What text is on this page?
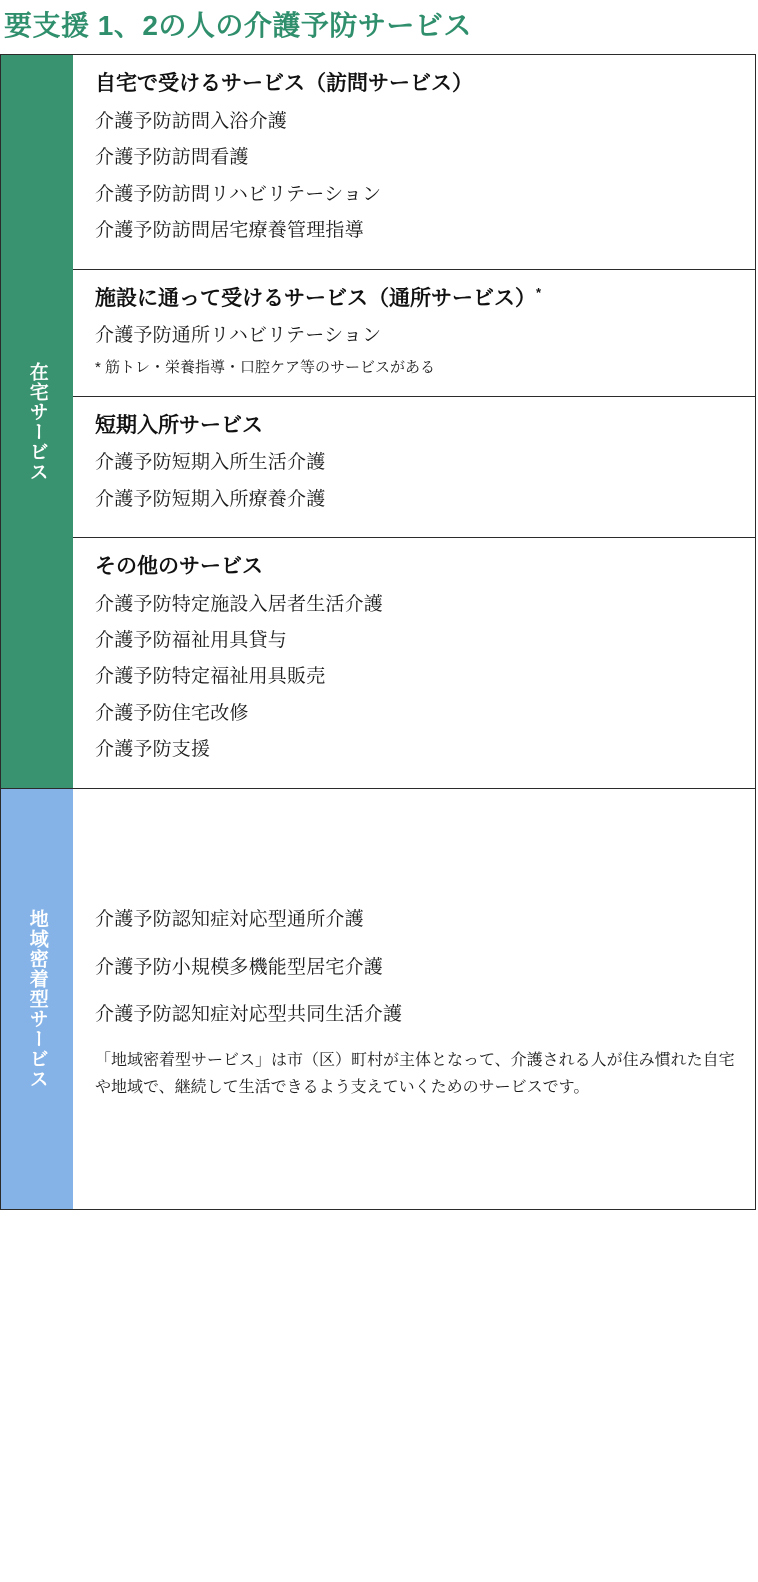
要支援 1、2の人の介護予防サービス
在宅サービス
自宅で受けるサービス（訪問サービス）
介護予防訪問入浴介護
介護予防訪問看護
介護予防訪問リハビリテーション
介護予防訪問居宅療養管理指導
施設に通って受けるサービス（通所サービス）*
介護予防通所リハビリテーション
* 筋トレ・栄養指導・口腔ケア等のサービスがある
短期入所サービス
介護予防短期入所生活介護
介護予防短期入所療養介護
その他のサービス
介護予防特定施設入居者生活介護
介護予防福祉用具貸与
介護予防特定福祉用具販売
介護予防住宅改修
介護予防支援
地域密着型サービス 介護予防認知症対応型通所介護
介護予防小規模多機能型居宅介護
介護予防認知症対応型共同生活介護
「地域密着型サービス」は市（区）町村が主体となって、介護される人が住み慣れた自宅や地域で、継続して生活できるよう支えていくためのサービスです。
